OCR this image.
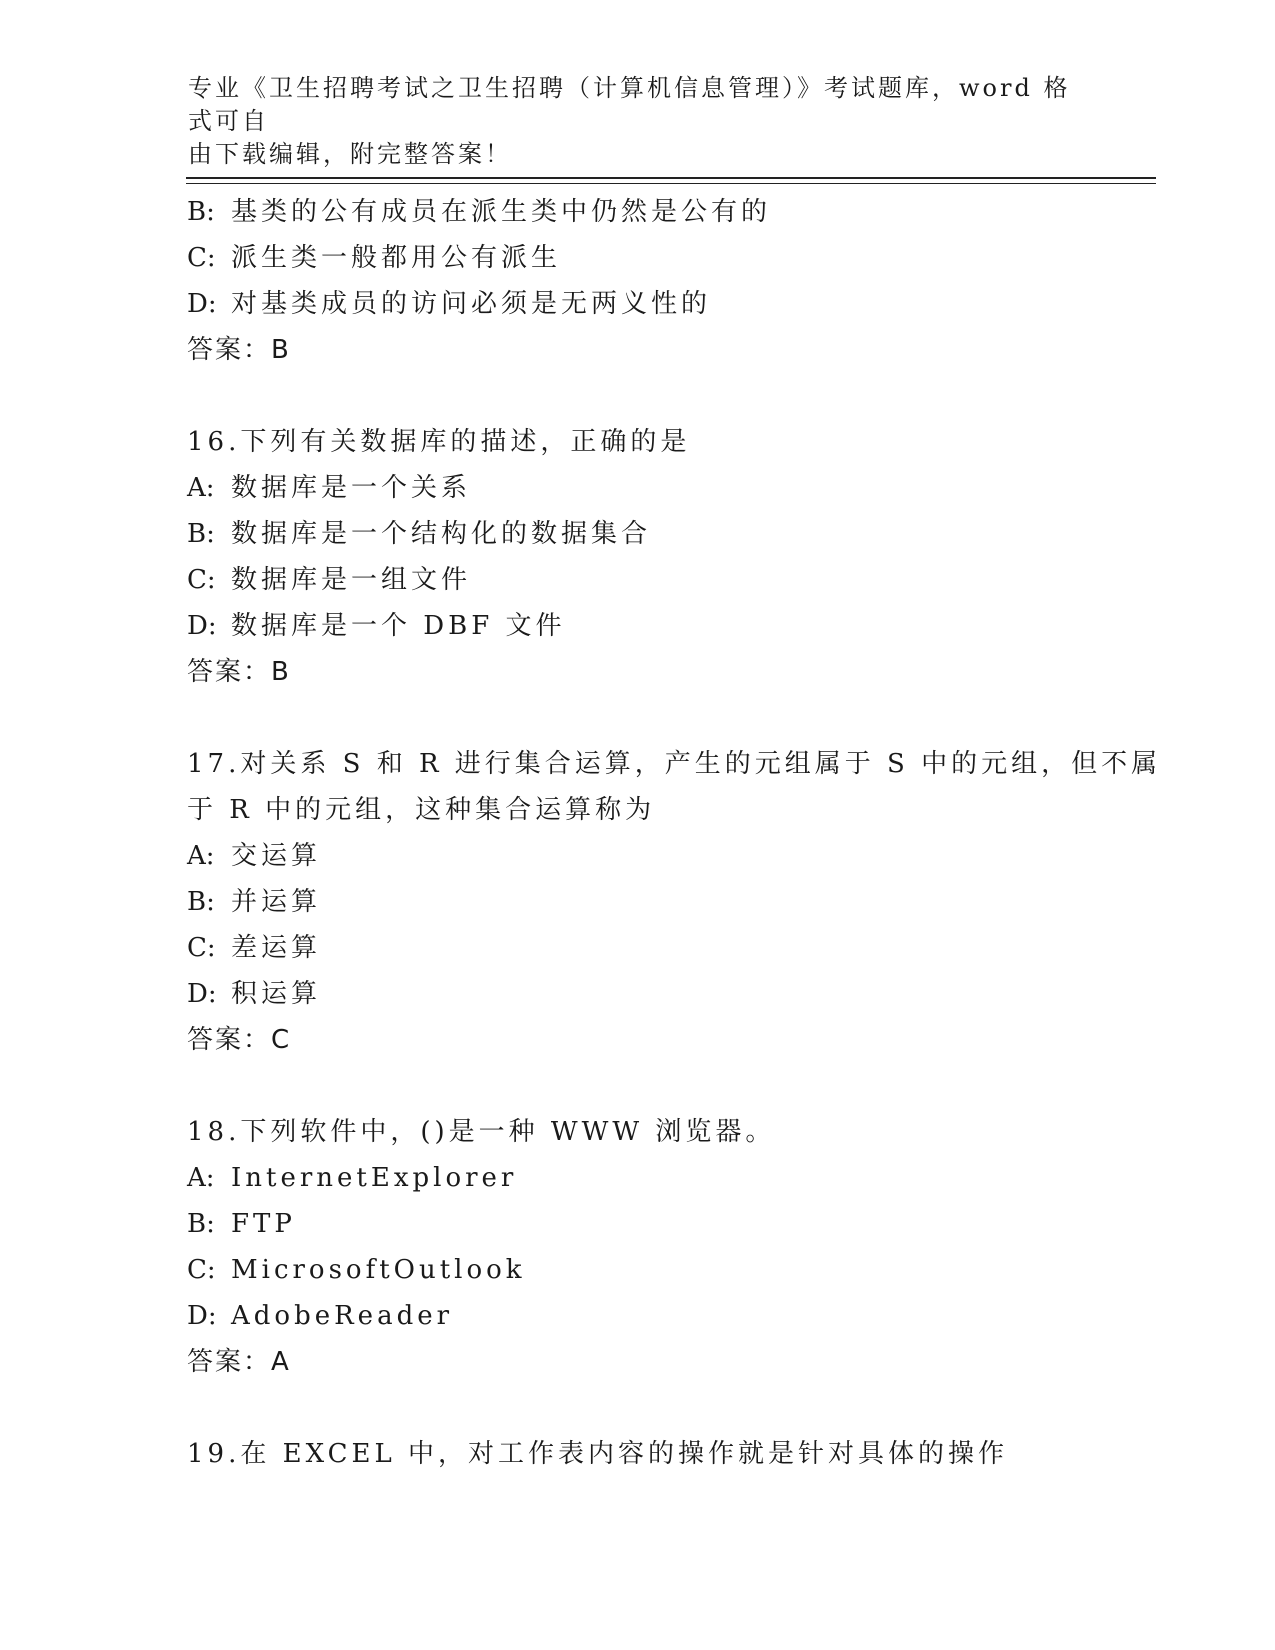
专业《卫生招聘考试之卫生招聘（计算机信息管理）》考试题库，word 格式可自
由下载编辑，附完整答案！
B: 基类的公有成员在派生类中仍然是公有的
C: 派生类一般都用公有派生
D: 对基类成员的访问必须是无两义性的
答案：B
16.下列有关数据库的描述，正确的是
A: 数据库是一个关系
B: 数据库是一个结构化的数据集合
C: 数据库是一组文件
D: 数据库是一个 DBF 文件
答案：B
17.对关系 S 和 R 进行集合运算，产生的元组属于 S 中的元组，但不属
于 R 中的元组，这种集合运算称为
A: 交运算
B: 并运算
C: 差运算
D: 积运算
答案：C
18.下列软件中，()是一种 WWW 浏览器。
A: InternetExplorer
B: FTP
C: MicrosoftOutlook
D: AdobeReader
答案：A
19.在 EXCEL 中，对工作表内容的操作就是针对具体的操作
